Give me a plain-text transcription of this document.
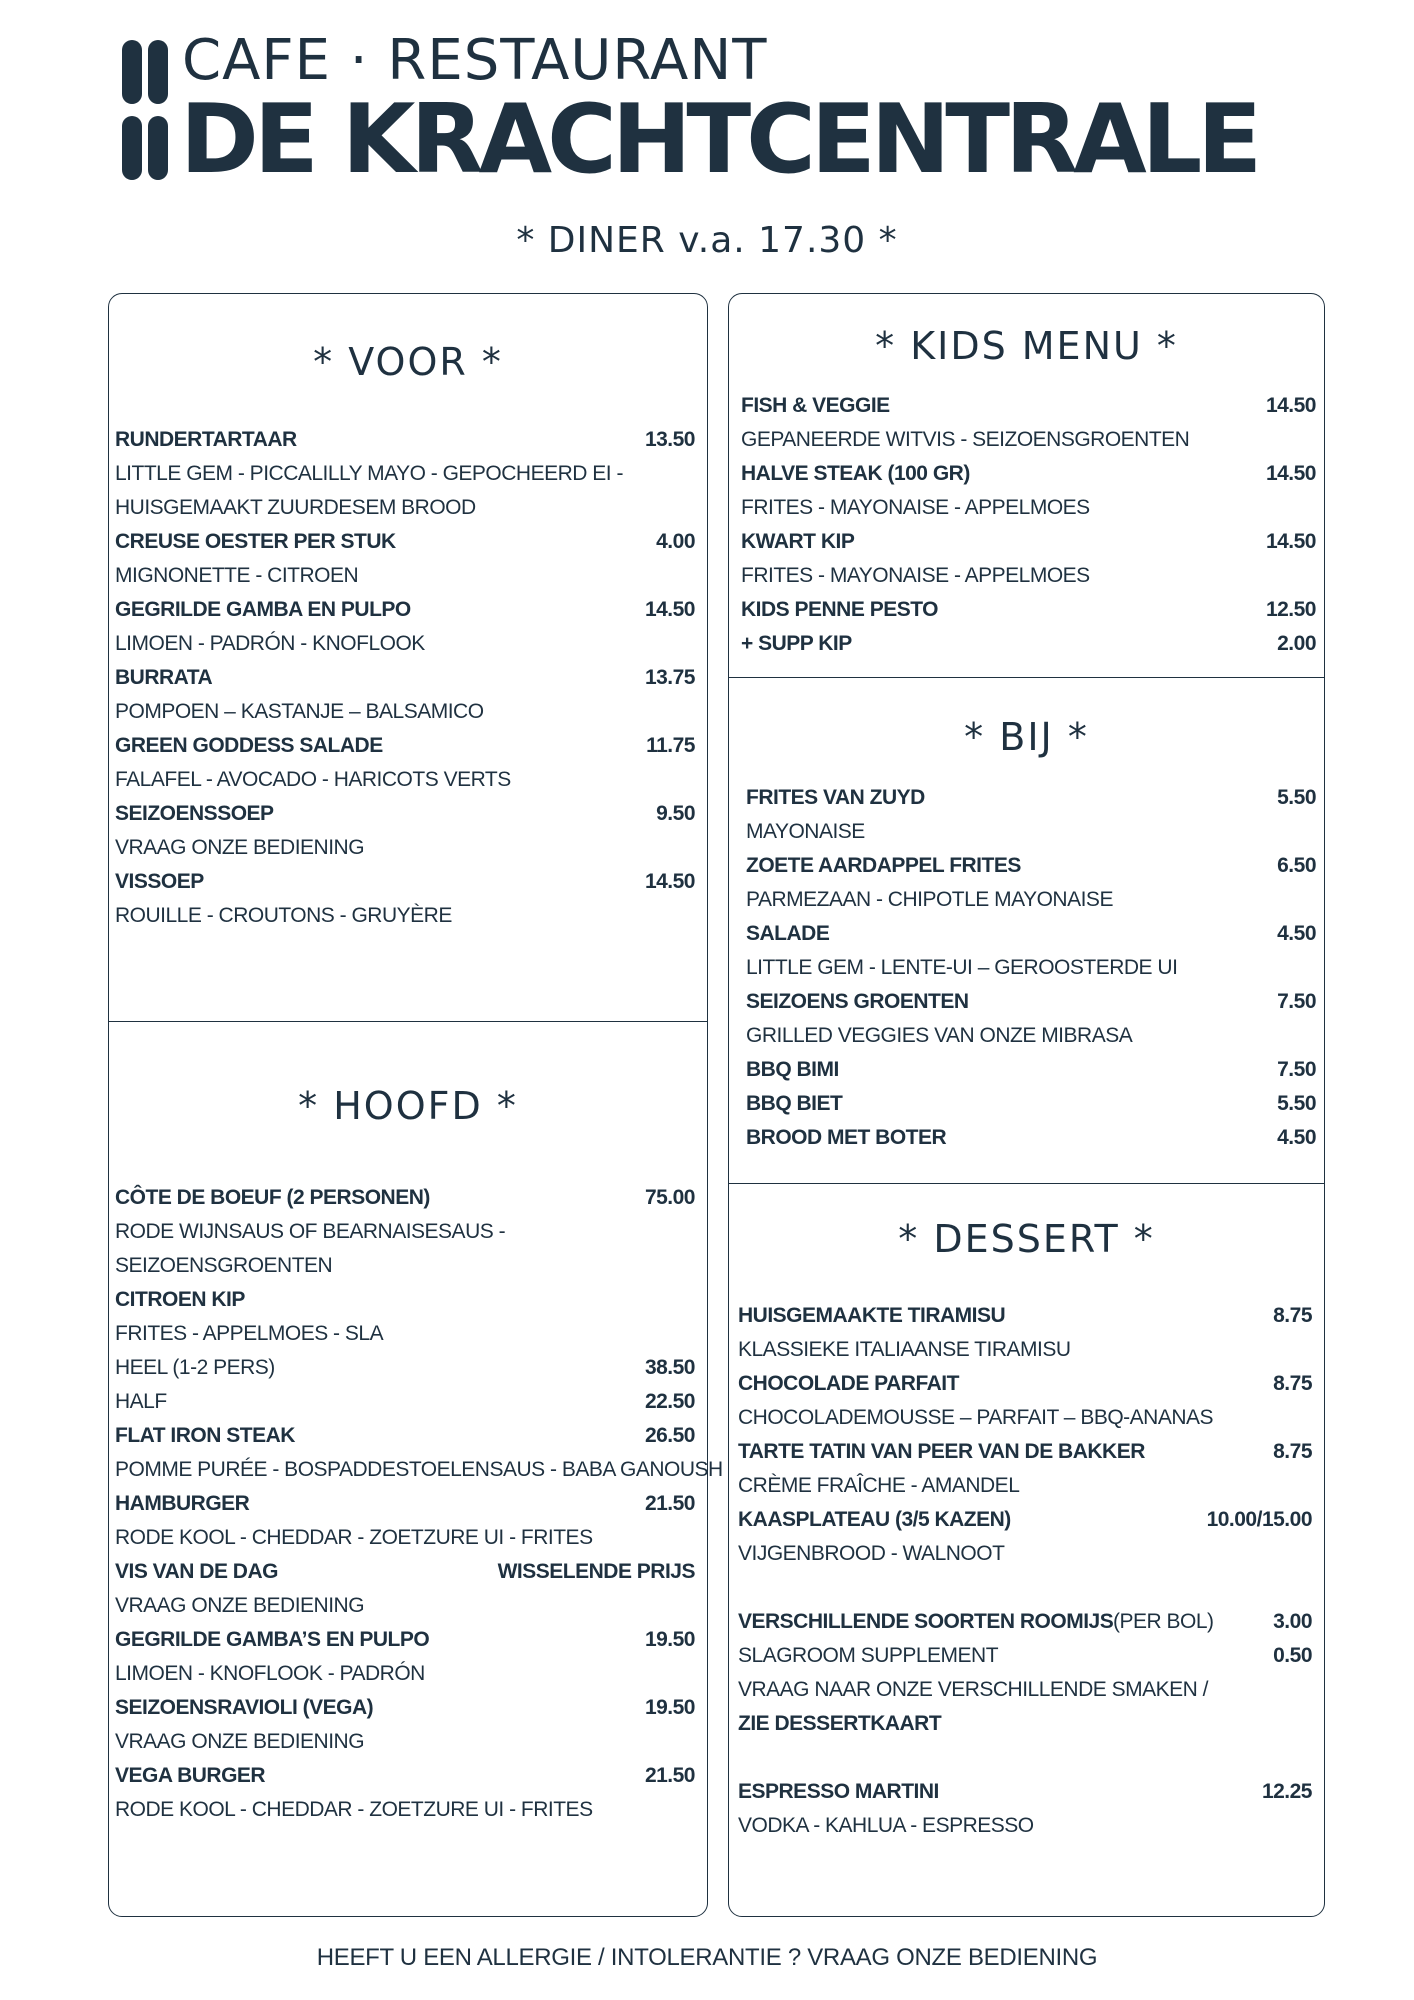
CAFE · RESTAURANT
DE KRACHTCENTRALE
* DINER v.a. 17.30 *
* VOOR *
* HOOFD *
* KIDS MENU *
* BIJ *
* DESSERT *
RUNDERTARTAAR	13.50
LITTLE GEM - PICCALILLY MAYO - GEPOCHEERD EI -
HUISGEMAAKT ZUURDESEM BROOD
CREUSE OESTER PER STUK	4.00
MIGNONETTE - CITROEN
GEGRILDE GAMBA EN PULPO	14.50
LIMOEN - PADRÓN - KNOFLOOK
BURRATA	13.75
POMPOEN – KASTANJE – BALSAMICO
GREEN GODDESS SALADE	11.75
FALAFEL - AVOCADO - HARICOTS VERTS
SEIZOENSSOEP	9.50
VRAAG ONZE BEDIENING
VISSOEP	14.50
ROUILLE - CROUTONS - GRUYÈRE
CÔTE DE BOEUF (2 PERSONEN)	75.00
RODE WIJNSAUS OF BEARNAISESAUS -
SEIZOENSGROENTEN
CITROEN KIP
FRITES - APPELMOES - SLA
HEEL (1-2 PERS)	38.50
HALF	22.50
FLAT IRON STEAK	26.50
POMME PURÉE - BOSPADDESTOELENSAUS - BABA GANOUSH
HAMBURGER	21.50
RODE KOOL - CHEDDAR - ZOETZURE UI - FRITES
VIS VAN DE DAG	WISSELENDE PRIJS
VRAAG ONZE BEDIENING
GEGRILDE GAMBA’S EN PULPO	19.50
LIMOEN - KNOFLOOK - PADRÓN
SEIZOENSRAVIOLI (VEGA)	19.50
VRAAG ONZE BEDIENING
VEGA BURGER	21.50
RODE KOOL - CHEDDAR - ZOETZURE UI - FRITES
FISH & VEGGIE	14.50
GEPANEERDE WITVIS - SEIZOENSGROENTEN
HALVE STEAK (100 GR)	14.50
FRITES - MAYONAISE - APPELMOES
KWART KIP	14.50
FRITES - MAYONAISE - APPELMOES
KIDS PENNE PESTO	12.50
+ SUPP KIP	2.00
FRITES VAN ZUYD	5.50
MAYONAISE
ZOETE AARDAPPEL FRITES	6.50
PARMEZAAN - CHIPOTLE MAYONAISE
SALADE	4.50
LITTLE GEM - LENTE-UI – GEROOSTERDE UI
SEIZOENS GROENTEN	7.50
GRILLED VEGGIES VAN ONZE MIBRASA
BBQ BIMI	7.50
BBQ BIET	5.50
BROOD MET BOTER	4.50
HUISGEMAAKTE TIRAMISU	8.75
KLASSIEKE ITALIAANSE TIRAMISU
CHOCOLADE PARFAIT	8.75
CHOCOLADEMOUSSE – PARFAIT – BBQ-ANANAS
TARTE TATIN VAN PEER VAN DE BAKKER	8.75
CRÈME FRAÎCHE - AMANDEL
KAASPLATEAU (3/5 KAZEN)	10.00/15.00
VIJGENBROOD - WALNOOT
VERSCHILLENDE SOORTEN ROOMIJS (PER BOL)	3.00
SLAGROOM SUPPLEMENT	0.50
VRAAG NAAR ONZE VERSCHILLENDE SMAKEN /
ZIE DESSERTKAART
ESPRESSO MARTINI	12.25
VODKA - KAHLUA - ESPRESSO
HEEFT U EEN ALLERGIE / INTOLERANTIE ? VRAAG ONZE BEDIENING
